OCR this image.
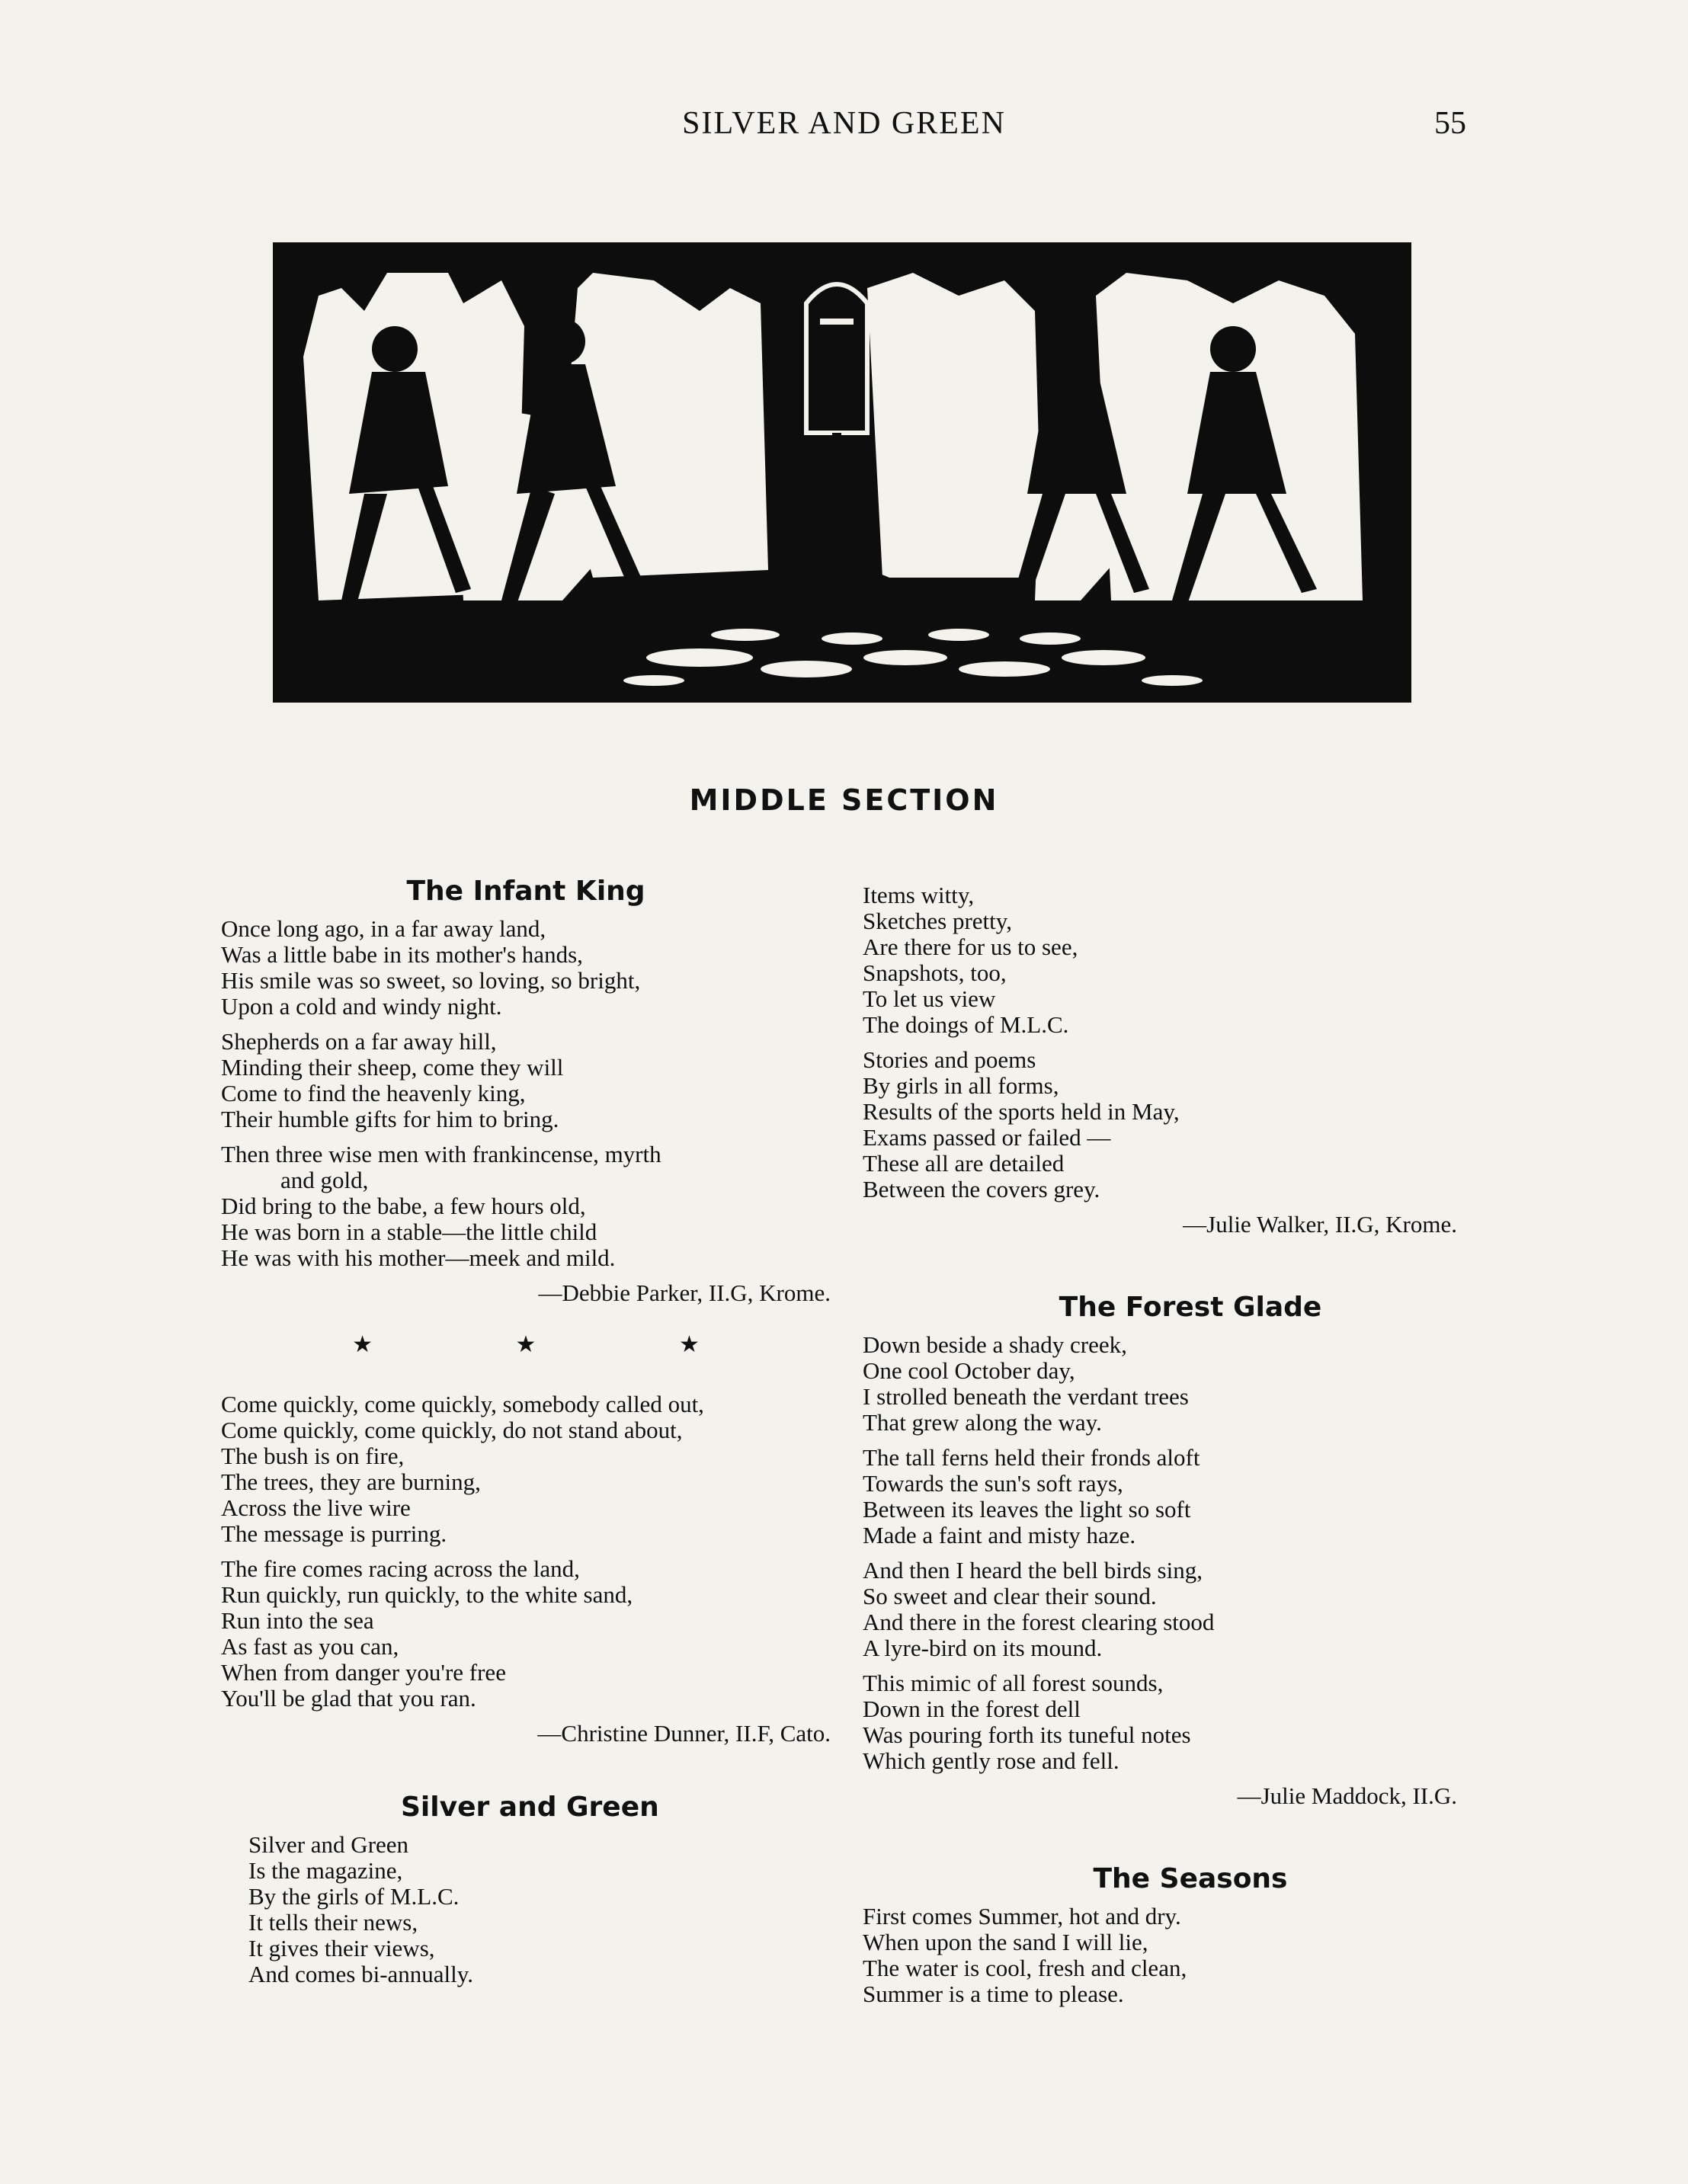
SILVER AND GREEN	55
MIDDLE SECTION
The Infant King
Once long ago, in a far away land,
Was a little babe in its mother's hands,
His smile was so sweet, so loving, so bright,
Upon a cold and windy night.
Shepherds on a far away hill,
Minding their sheep, come they will
Come to find the heavenly king,
Their humble gifts for him to bring.
Then three wise men with frankincense, myrth
and gold,
Did bring to the babe, a few hours old,
He was born in a stable—the little child
He was with his mother—meek and mild.
—Debbie Parker, II.G, Krome.
★ ★ ★
Come quickly, come quickly, somebody called out,
Come quickly, come quickly, do not stand about,
The bush is on fire,
The trees, they are burning,
Across the live wire
The message is purring.
The fire comes racing across the land,
Run quickly, run quickly, to the white sand,
Run into the sea
As fast as you can,
When from danger you're free
You'll be glad that you ran.
—Christine Dunner, II.F, Cato.
Silver and Green
Silver and Green
Is the magazine,
By the girls of M.L.C.
It tells their news,
It gives their views,
And comes bi-annually.
Items witty,
Sketches pretty,
Are there for us to see,
Snapshots, too,
To let us view
The doings of M.L.C.
Stories and poems
By girls in all forms,
Results of the sports held in May,
Exams passed or failed —
These all are detailed
Between the covers grey.
—Julie Walker, II.G, Krome.
The Forest Glade
Down beside a shady creek,
One cool October day,
I strolled beneath the verdant trees
That grew along the way.
The tall ferns held their fronds aloft
Towards the sun's soft rays,
Between its leaves the light so soft
Made a faint and misty haze.
And then I heard the bell birds sing,
So sweet and clear their sound.
And there in the forest clearing stood
A lyre-bird on its mound.
This mimic of all forest sounds,
Down in the forest dell
Was pouring forth its tuneful notes
Which gently rose and fell.
—Julie Maddock, II.G.
The Seasons
First comes Summer, hot and dry.
When upon the sand I will lie,
The water is cool, fresh and clean,
Summer is a time to please.
